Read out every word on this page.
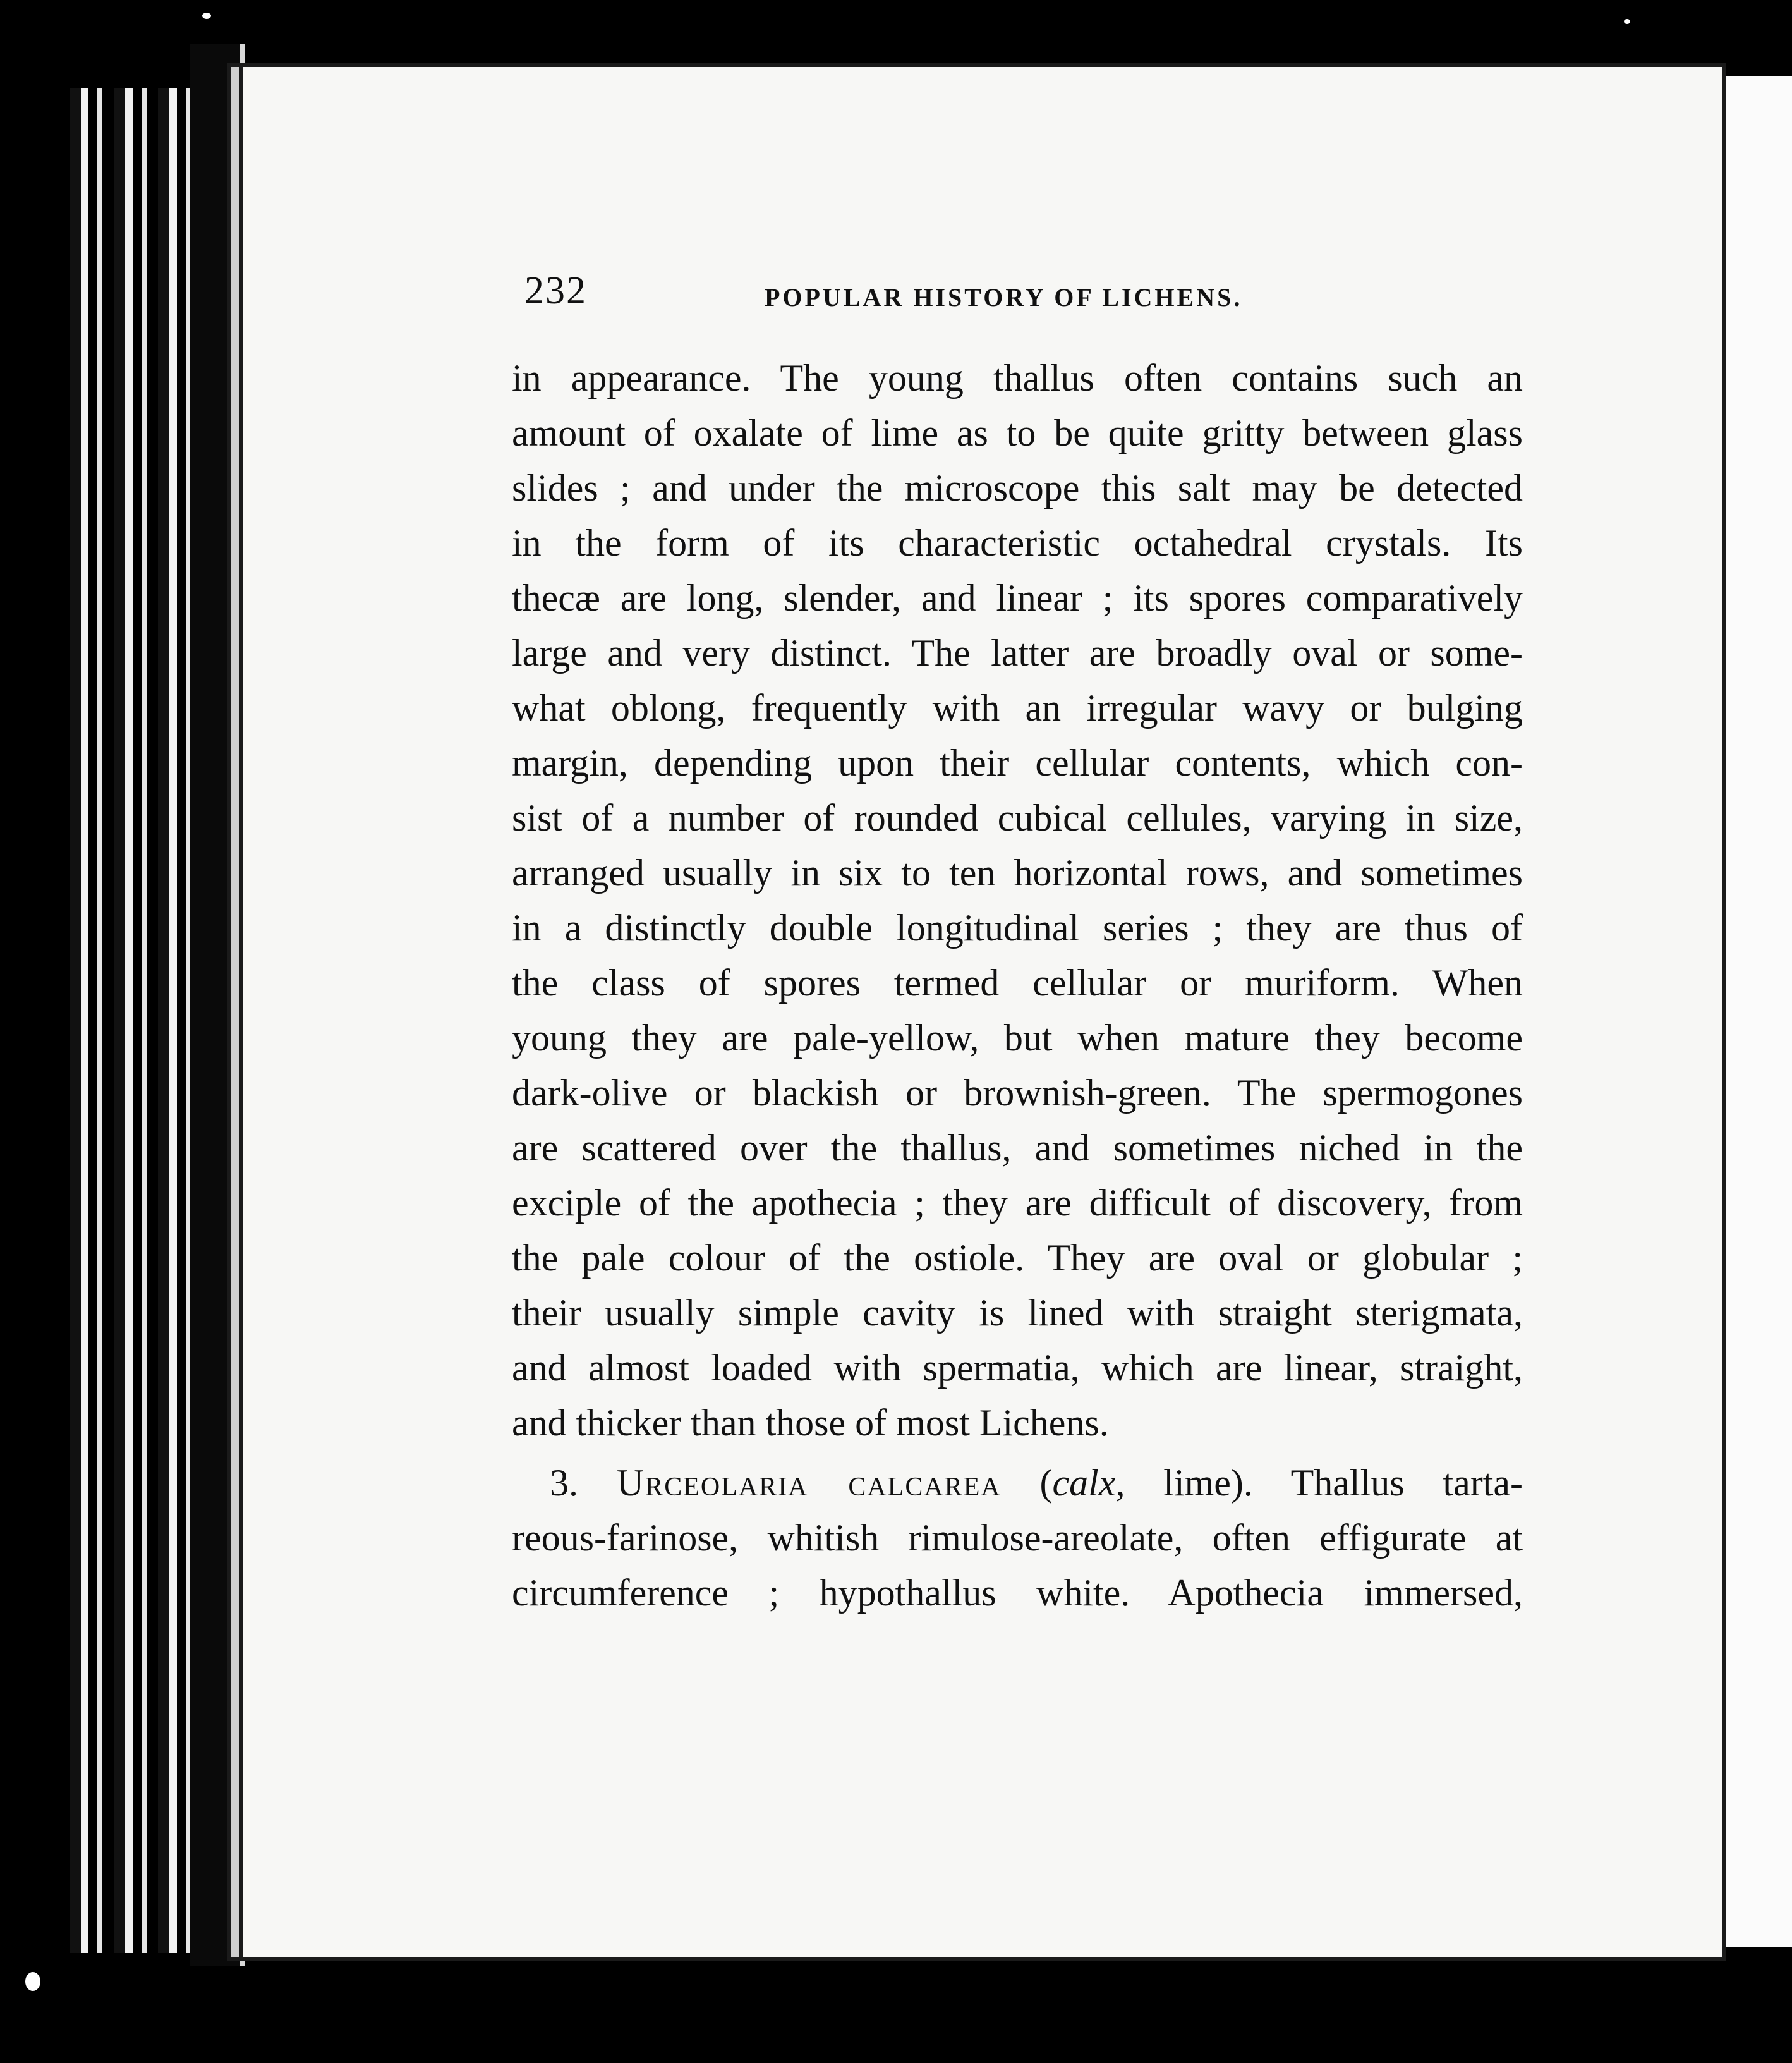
232	POPULAR HISTORY OF LICHENS.
in appearance. The young thallus often contains such an
amount of oxalate of lime as to be quite gritty between glass
slides ; and under the microscope this salt may be detected
in the form of its characteristic octahedral crystals. Its
thecæ are long, slender, and linear ; its spores comparatively
large and very distinct. The latter are broadly oval or some-
what oblong, frequently with an irregular wavy or bulging
margin, depending upon their cellular contents, which con-
sist of a number of rounded cubical cellules, varying in size,
arranged usually in six to ten horizontal rows, and sometimes
in a distinctly double longitudinal series ; they are thus of
the class of spores termed cellular or muriform. When
young they are pale-yellow, but when mature they become
dark-olive or blackish or brownish-green. The spermogones
are scattered over the thallus, and sometimes niched in the
exciple of the apothecia ; they are difficult of discovery, from
the pale colour of the ostiole. They are oval or globular ;
their usually simple cavity is lined with straight sterigmata,
and almost loaded with spermatia, which are linear, straight,
and thicker than those of most Lichens.
3. Urceolaria calcarea (calx, lime). Thallus tarta-
reous-farinose, whitish rimulose-areolate, often effigurate at
circumference ; hypothallus white. Apothecia immersed,
